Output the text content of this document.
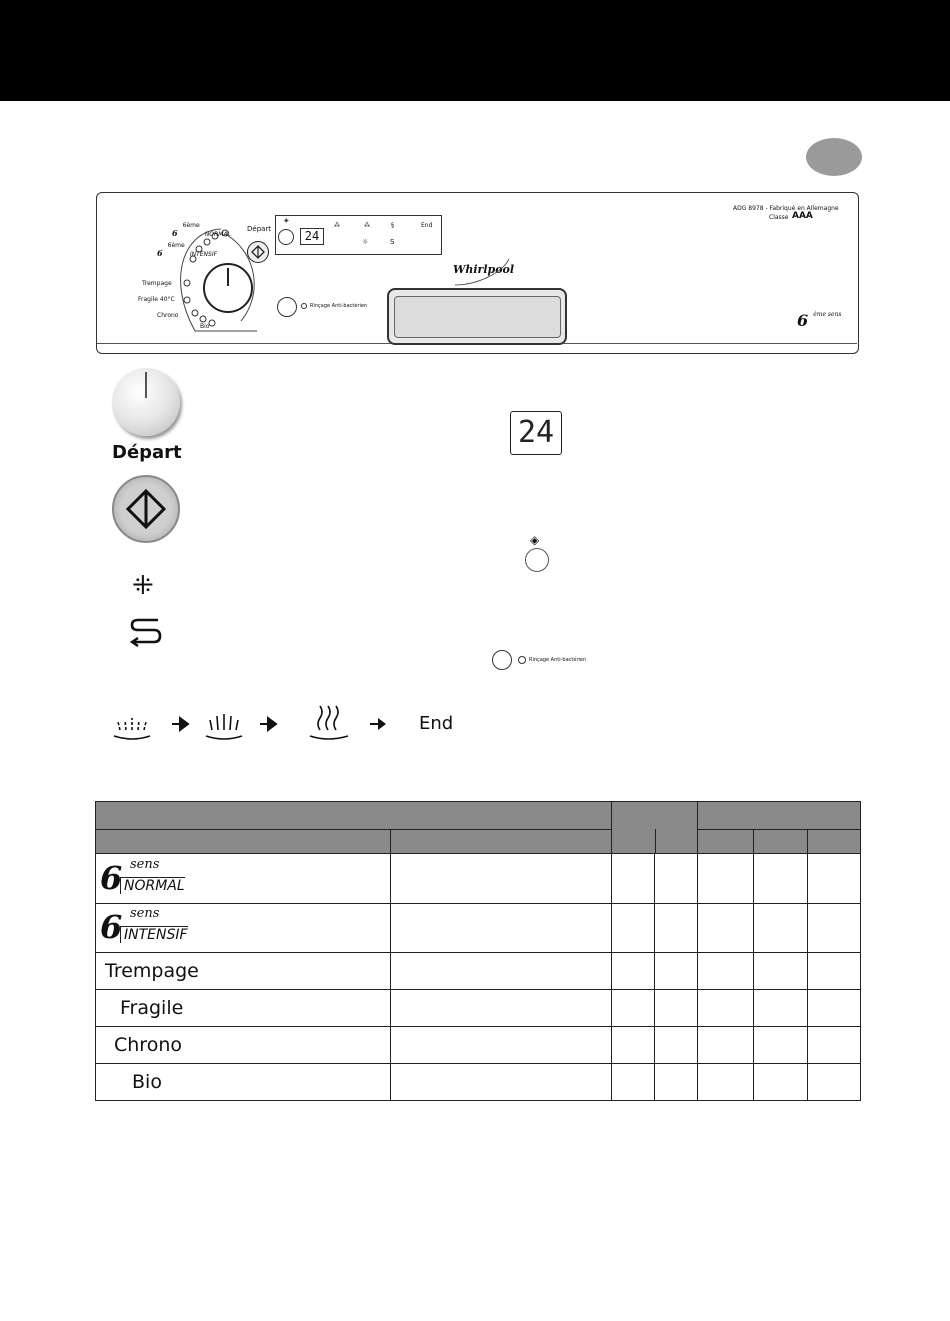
6 $^{6ème}$ NORMAL
6 $^{6ème}$ INTENSIF
Trempage
Fragile 40°C
Chrono
Bio
Départ
◈
24
⁂	⁂	§	End
☼	S
Rinçage Anti-bactérien
Whirlpool
ADG 8978 - Fabriqué en Allemagne
Classe AAA
6 $^{ème sens}$
Départ
⁜
24
◈
Rinçage Anti-bactérien
End

6 sens
NORMAL						

6 sens
INTENSIF						

Trempage						
Fragile						
Chrono						
Bio						
